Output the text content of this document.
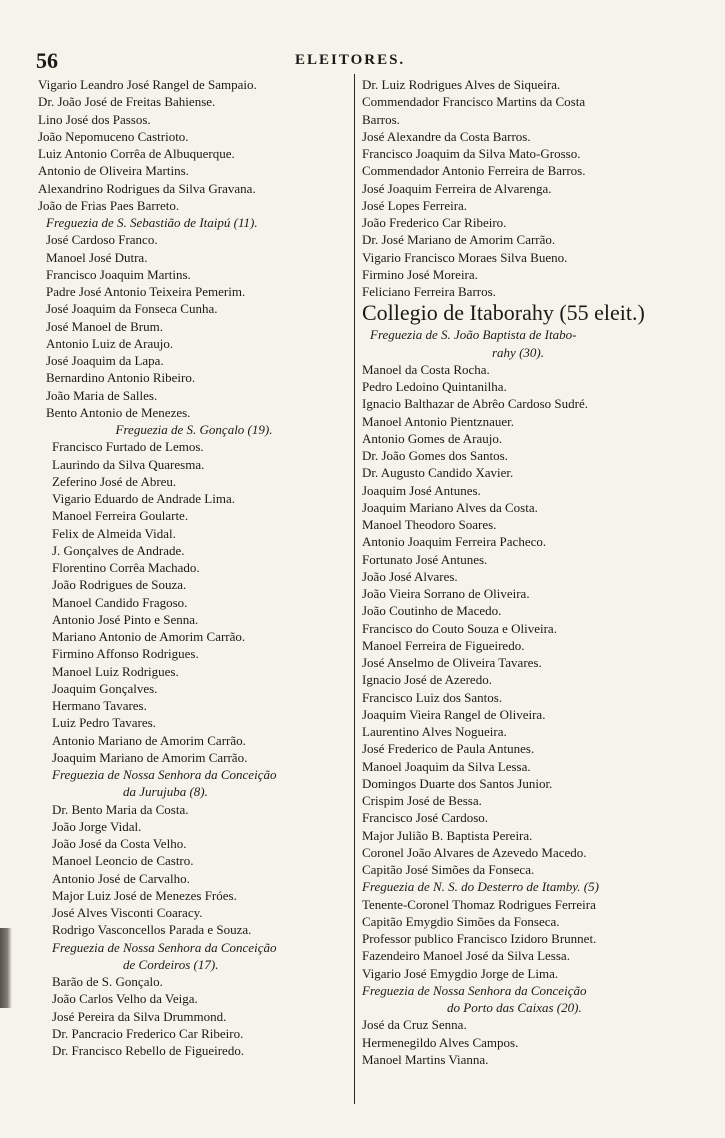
56	ELEITORES.
Vigario Leandro José Rangel de Sampaio.
Dr. João José de Freitas Bahiense.
Lino José dos Passos.
João Nepomuceno Castrioto.
Luiz Antonio Corrêa de Albuquerque.
Antonio de Oliveira Martins.
Alexandrino Rodrigues da Silva Gravana.
João de Frias Paes Barreto.
Freguezia de S. Sebastião de Itaipú (11).
José Cardoso Franco.
Manoel José Dutra.
Francisco Joaquim Martins.
Padre José Antonio Teixeira Pemerim.
José Joaquim da Fonseca Cunha.
José Manoel de Brum.
Antonio Luiz de Araujo.
José Joaquim da Lapa.
Bernardino Antonio Ribeiro.
João Maria de Salles.
Bento Antonio de Menezes.
Freguezia de S. Gonçalo (19).
Francisco Furtado de Lemos.
Laurindo da Silva Quaresma.
Zeferino José de Abreu.
Vigario Eduardo de Andrade Lima.
Manoel Ferreira Goularte.
Felix de Almeida Vidal.
J. Gonçalves de Andrade.
Florentino Corrêa Machado.
João Rodrigues de Souza.
Manoel Candido Fragoso.
Antonio José Pinto e Senna.
Mariano Antonio de Amorim Carrão.
Firmino Affonso Rodrigues.
Manoel Luiz Rodrigues.
Joaquim Gonçalves.
Hermano Tavares.
Luiz Pedro Tavares.
Antonio Mariano de Amorim Carrão.
Joaquim Mariano de Amorim Carrão.
Freguezia de Nossa Senhora da Conceição
da Jurujuba (8).
Dr. Bento Maria da Costa.
João Jorge Vidal.
João José da Costa Velho.
Manoel Leoncio de Castro.
Antonio José de Carvalho.
Major Luiz José de Menezes Fróes.
José Alves Visconti Coaracy.
Rodrigo Vasconcellos Parada e Souza.
Freguezia de Nossa Senhora da Conceição
de Cordeiros (17).
Barão de S. Gonçalo.
João Carlos Velho da Veiga.
José Pereira da Silva Drummond.
Dr. Pancracio Frederico Car Ribeiro.
Dr. Francisco Rebello de Figueiredo.
Dr. Luiz Rodrigues Alves de Siqueira.
Commendador Francisco Martins da Costa
Barros.
José Alexandre da Costa Barros.
Francisco Joaquim da Silva Mato-Grosso.
Commendador Antonio Ferreira de Barros.
José Joaquim Ferreira de Alvarenga.
José Lopes Ferreira.
João Frederico Car Ribeiro.
Dr. José Mariano de Amorim Carrão.
Vigario Francisco Moraes Silva Bueno.
Firmino José Moreira.
Feliciano Ferreira Barros.
Collegio de Itaborahy (55 eleit.)
Freguezia de S. João Baptista de Itabo-
rahy (30).
Manoel da Costa Rocha.
Pedro Ledoino Quintanilha.
Ignacio Balthazar de Abrêo Cardoso Sudré.
Manoel Antonio Pientznauer.
Antonio Gomes de Araujo.
Dr. João Gomes dos Santos.
Dr. Augusto Candido Xavier.
Joaquim José Antunes.
Joaquim Mariano Alves da Costa.
Manoel Theodoro Soares.
Antonio Joaquim Ferreira Pacheco.
Fortunato José Antunes.
João José Alvares.
João Vieira Sorrano de Oliveira.
João Coutinho de Macedo.
Francisco do Couto Souza e Oliveira.
Manoel Ferreira de Figueiredo.
José Anselmo de Oliveira Tavares.
Ignacio José de Azeredo.
Francisco Luiz dos Santos.
Joaquim Vieira Rangel de Oliveira.
Laurentino Alves Nogueira.
José Frederico de Paula Antunes.
Manoel Joaquim da Silva Lessa.
Domingos Duarte dos Santos Junior.
Crispim José de Bessa.
Francisco José Cardoso.
Major Julião B. Baptista Pereira.
Coronel João Alvares de Azevedo Macedo.
Capitão José Simões da Fonseca.
Freguezia de N. S. do Desterro de Itamby. (5)
Tenente-Coronel Thomaz Rodrigues Ferreira
Capitão Emygdio Simões da Fonseca.
Professor publico Francisco Izidoro Brunnet.
Fazendeiro Manoel José da Silva Lessa.
Vigario José Emygdio Jorge de Lima.
Freguezia de Nossa Senhora da Conceição
do Porto das Caixas (20).
José da Cruz Senna.
Hermenegildo Alves Campos.
Manoel Martins Vianna.
